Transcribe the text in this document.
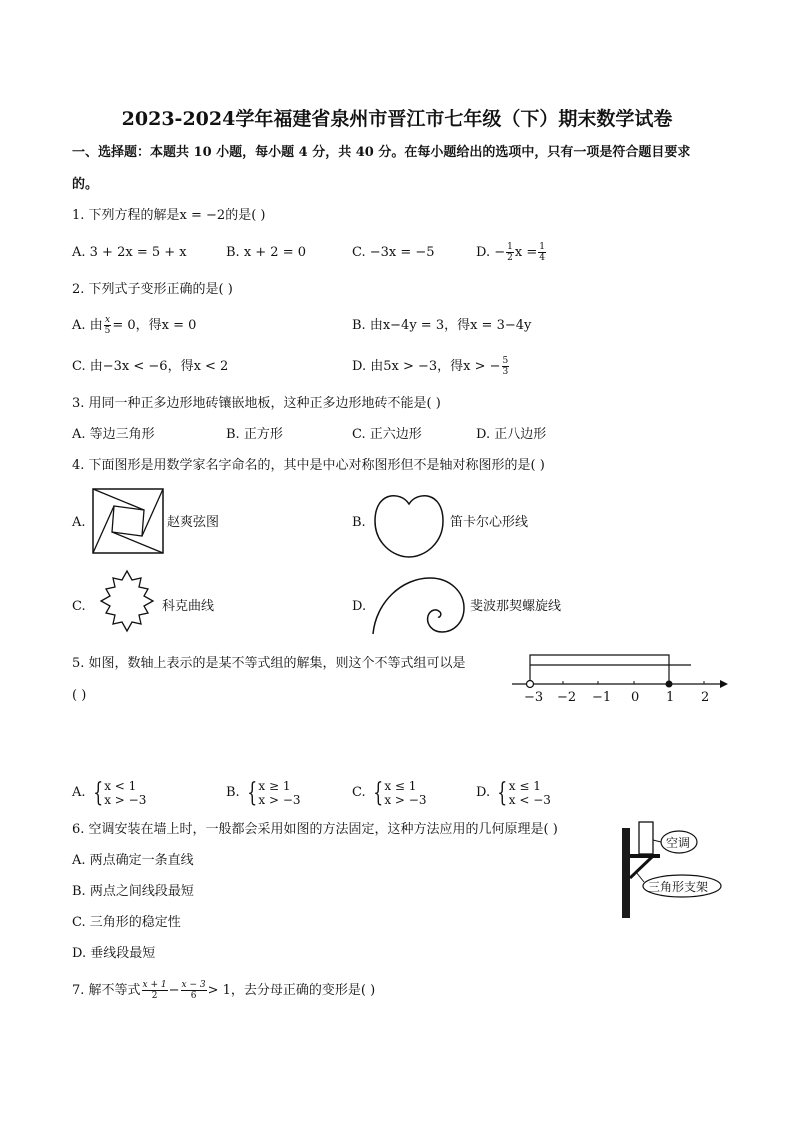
2023-2024学年福建省泉州市晋江市七年级（下）期末数学试卷
一、选择题：本题共 10 小题，每小题 4 分，共 40 分。在每小题给出的选项中，只有一项是符合题目要求
的。
1. 下列方程的解是x = −2的是( )
A. 3 + 2x = 5 + x	B. x + 2 = 0	C. −3x = −5	D. − $\frac{1}{2}$ $x = \frac{1}{4}$
2. 下列式子变形正确的是( )
A. 由 $\frac{x}{5} = 0$，得x = 0	B. 由x−4y = 3，得x = 3−4y
C. 由−3x < −6，得x < 2	D. 由5x > −3，得x > − $\frac{5}{3}$
3. 用同一种正多边形地砖镶嵌地板，这种正多边形地砖不能是( )
A. 等边三角形	B. 正方形	C. 正六边形	D. 正八边形
4. 下面图形是用数学家名字命名的，其中是中心对称图形但不是轴对称图形的是( )
A.	赵爽弦图	B.	笛卡尔心形线
C.	科克曲线	D.	斐波那契螺旋线
5. 如图，数轴上表示的是某不等式组的解集，则这个不等式组可以是
( )	−3 −2 −1 0 1 2
A. { x < 1
x > −3	B. { x ≥ 1
x > −3	C. { x ≤ 1
x > −3	D. { x ≤ 1
x < −3
6. 空调安装在墙上时，一般都会采用如图的方法固定，这种方法应用的几何原理是( )
A. 两点确定一条直线
B. 两点之间线段最短
C. 三角形的稳定性
D. 垂线段最短
空调
三角形支架
7. 解不等式 $\frac{x + 1}{2} - \frac{x - 3}{6} > 1$，去分母正确的变形是( )
